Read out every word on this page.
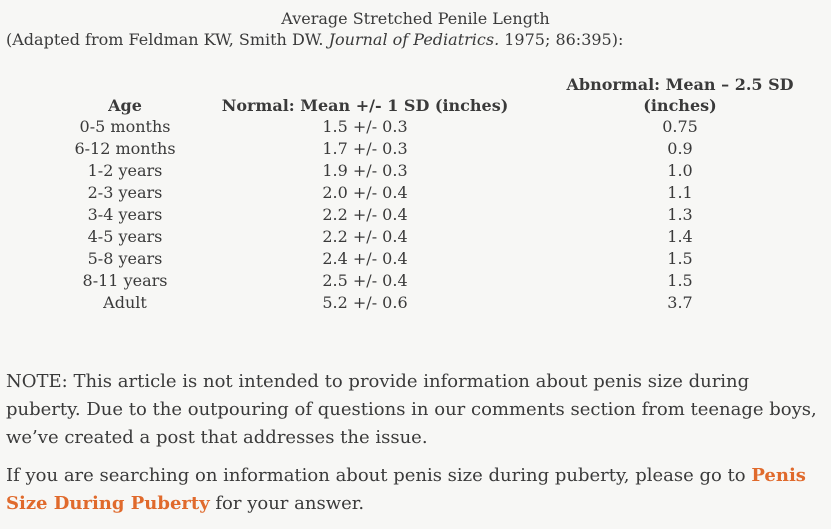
Average Stretched Penile Length
(Adapted from Feldman KW, Smith DW. Journal of Pediatrics. 1975; 86:395):
Age	Normal: Mean +/- 1 SD (inches)	Abnormal: Mean – 2.5 SD
(inches)
0-5 months	1.5 +/- 0.3	0.75
6-12 months	1.7 +/- 0.3	0.9
1-2 years	1.9 +/- 0.3	1.0
2-3 years	2.0 +/- 0.4	1.1
3-4 years	2.2 +/- 0.4	1.3
4-5 years	2.2 +/- 0.4	1.4
5-8 years	2.4 +/- 0.4	1.5
8-11 years	2.5 +/- 0.4	1.5
Adult	5.2 +/- 0.6	3.7

NOTE: This article is not intended to provide information about penis size during puberty. Due to the outpouring of questions in our comments section from teenage boys, we’ve created a post that addresses the issue.

If you are searching on information about penis size during puberty, please go to Penis Size During Puberty for your answer.
